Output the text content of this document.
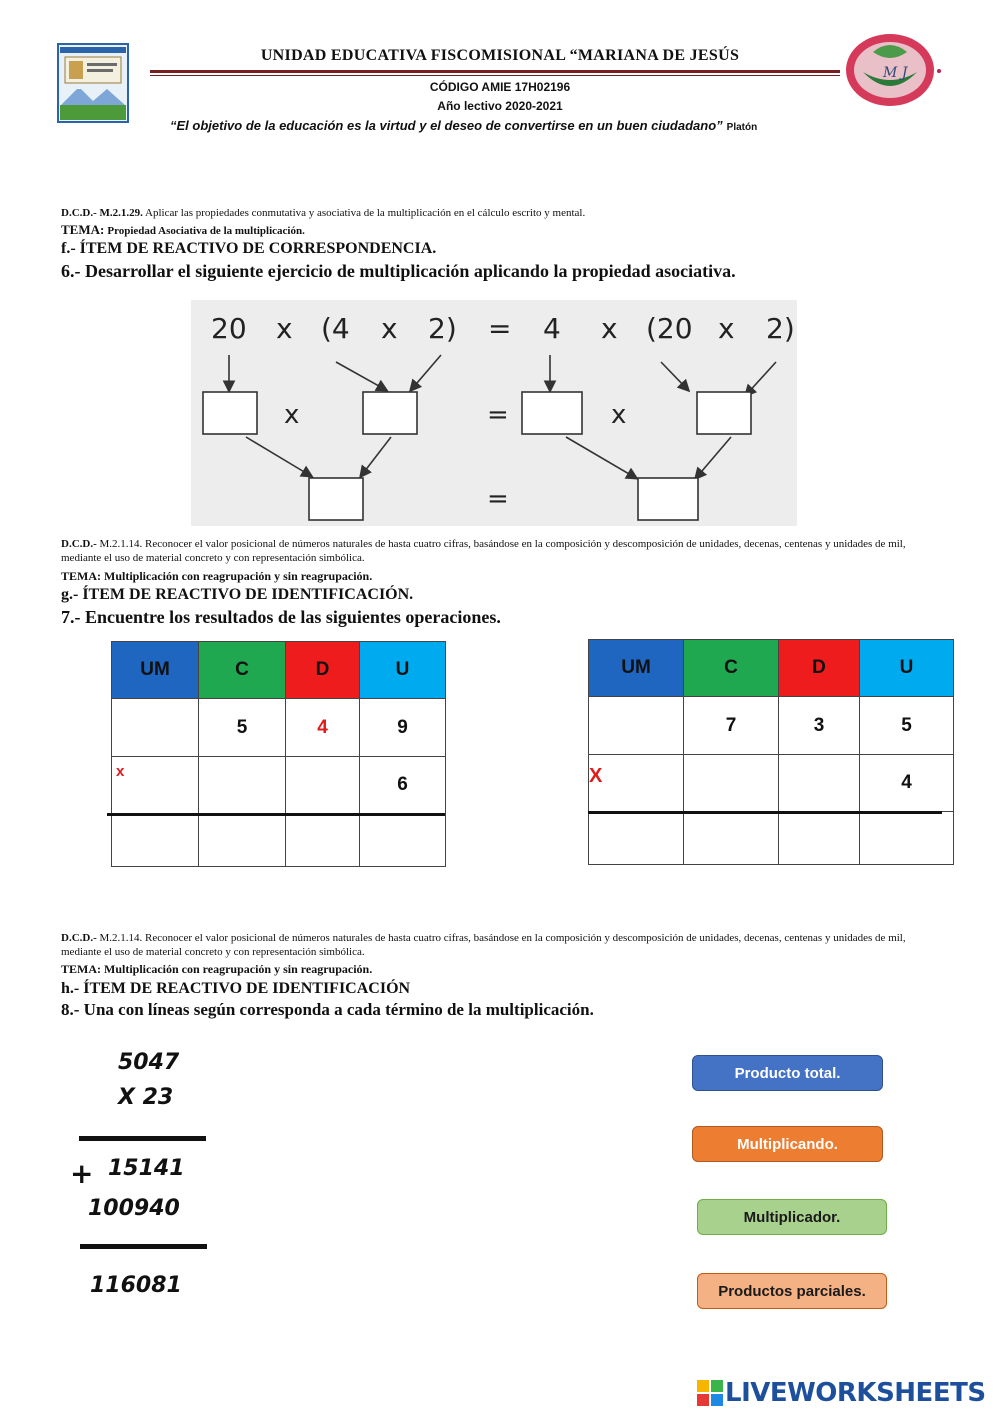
M J
UNIDAD EDUCATIVA FISCOMISIONAL “MARIANA DE JESÚS
CÓDIGO AMIE 17H02196
Año lectivo 2020-2021
“El objetivo de la educación es la virtud y el deseo de convertirse en un buen ciudadano” Platón
D.C.D.- M.2.1.29. Aplicar las propiedades conmutativa y asociativa de la multiplicación en el cálculo escrito y mental.
TEMA: Propiedad Asociativa de la multiplicación.
f.- ÍTEM DE REACTIVO DE CORRESPONDENCIA.
6.- Desarrollar el siguiente ejercicio de multiplicación aplicando la propiedad asociativa.
20 x (4 x 2) = 4 x (20 x 2)
x	=	x
=
D.C.D.- M.2.1.14. Reconocer el valor posicional de números naturales de hasta cuatro cifras, basándose en la composición y descomposición de unidades, decenas, centenas y unidades de mil, mediante el uso de material concreto y con representación simbólica.
TEMA: Multiplicación con reagrupación y sin reagrupación.
g.- ÍTEM DE REACTIVO DE IDENTIFICACIÓN.
7.- Encuentre los resultados de las siguientes operaciones.
UM	C	D	U
	5	4	9

x			6

UM	C	D	U
	7	3	5

X			4

D.C.D.- M.2.1.14. Reconocer el valor posicional de números naturales de hasta cuatro cifras, basándose en la composición y descomposición de unidades, decenas, centenas y unidades de mil, mediante el uso de material concreto y con representación simbólica.
TEMA: Multiplicación con reagrupación y sin reagrupación.
h.- ÍTEM DE REACTIVO DE IDENTIFICACIÓN
8.- Una con líneas según corresponda a cada término de la multiplicación.
5047
X 23
+ 15141
100940
116081
Producto total.
Multiplicando.
Multiplicador.
Productos parciales.
LIVEWORKSHEETS
